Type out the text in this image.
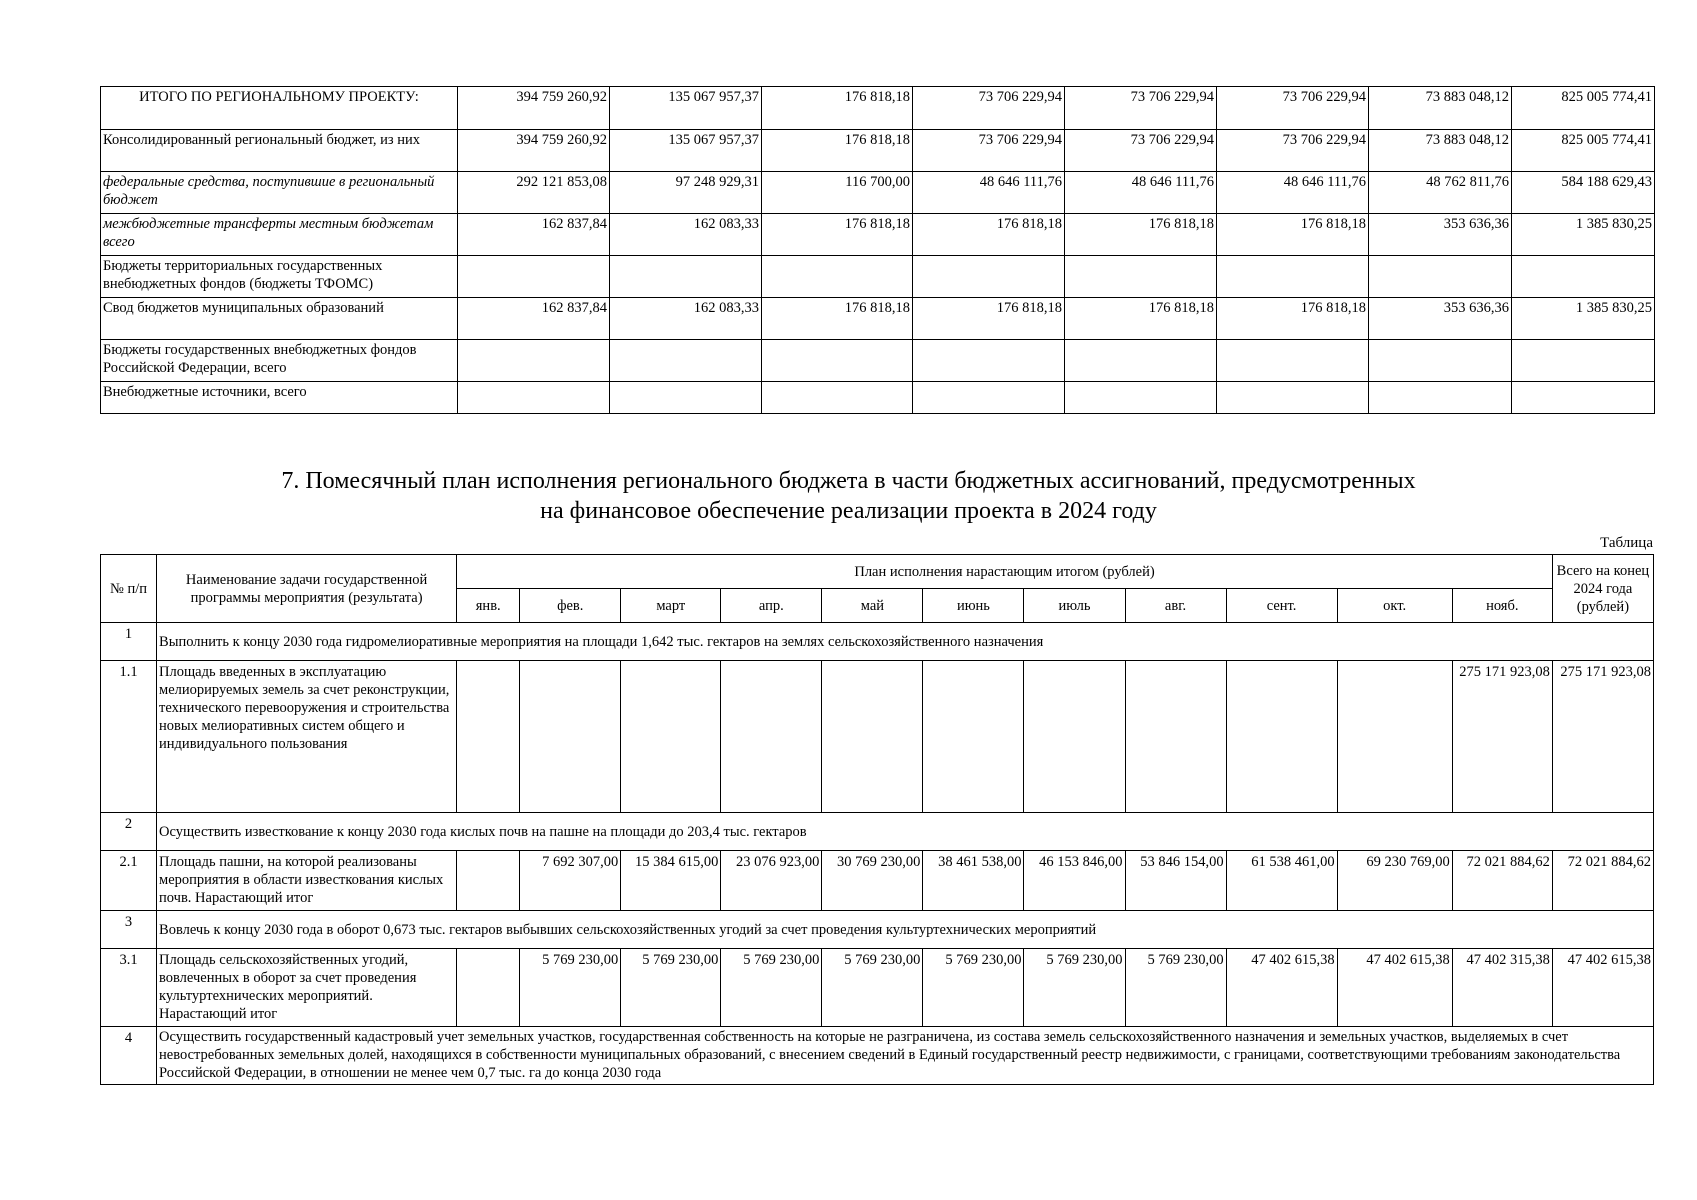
ИТОГО ПО РЕГИОНАЛЬНОМУ ПРОЕКТУ:	394 759 260,92	135 067 957,37	176 818,18	73 706 229,94	73 706 229,94	73 706 229,94	73 883 048,12	825 005 774,41
Консолидированный региональный бюджет, из них	394 759 260,92	135 067 957,37	176 818,18	73 706 229,94	73 706 229,94	73 706 229,94	73 883 048,12	825 005 774,41
федеральные средства, поступившие в региональный бюджет	292 121 853,08	97 248 929,31	116 700,00	48 646 111,76	48 646 111,76	48 646 111,76	48 762 811,76	584 188 629,43
межбюджетные трансферты местным бюджетам всего	162 837,84	162 083,33	176 818,18	176 818,18	176 818,18	176 818,18	353 636,36	1 385 830,25
Бюджеты территориальных государственных внебюджетных фондов (бюджеты ТФОМС)								
Свод бюджетов муниципальных образований	162 837,84	162 083,33	176 818,18	176 818,18	176 818,18	176 818,18	353 636,36	1 385 830,25
Бюджеты государственных внебюджетных фондов Российской Федерации, всего								
Внебюджетные источники, всего								
7. Помесячный план исполнения регионального бюджета в части бюджетных ассигнований, предусмотренных
на финансовое обеспечение реализации проекта в 2024 году
Таблица
№ п/п	Наименование задачи государственной программы мероприятия (результата)	План исполнения нарастающим итогом (рублей)											Всего на конец 2024 года (рублей)
		янв.	фев.	март	апр.	май	июнь	июль	авг.	сент.	окт.	нояб.	
1	Выполнить к концу 2030 года гидромелиоративные мероприятия на площади 1,642 тыс. гектаров на землях сельскохозяйственного назначения												
1.1	Площадь введенных в эксплуатацию мелиорируемых земель за счет реконструкции, технического перевооружения и строительства новых мелиоративных систем общего и индивидуального пользования											275 171 923,08	275 171 923,08
2	Осуществить известкование к концу 2030 года кислых почв на пашне на площади до 203,4 тыс. гектаров												
2.1	Площадь пашни, на которой реализованы мероприятия в области известкования кислых почв. Нарастающий итог		7 692 307,00	15 384 615,00	23 076 923,00	30 769 230,00	38 461 538,00	46 153 846,00	53 846 154,00	61 538 461,00	69 230 769,00	72 021 884,62	72 021 884,62
3	Вовлечь к концу 2030 года в оборот 0,673 тыс. гектаров выбывших сельскохозяйственных угодий за счет проведения культуртехнических мероприятий												
3.1	Площадь сельскохозяйственных угодий, вовлеченных в оборот за счет проведения культуртехнических мероприятий. Нарастающий итог		5 769 230,00	5 769 230,00	5 769 230,00	5 769 230,00	5 769 230,00	5 769 230,00	5 769 230,00	47 402 615,38	47 402 615,38	47 402 315,38	47 402 615,38
4	Осуществить государственный кадастровый учет земельных участков, государственная собственность на которые не разграничена, из состава земель сельскохозяйственного назначения и земельных участков, выделяемых в счет невостребованных земельных долей, находящихся в собственности муниципальных образований, с внесением сведений в Единый государственный реестр недвижимости, с границами, соответствующими требованиям законодательства Российской Федерации, в отношении не менее чем 0,7 тыс. га до конца 2030 года												
